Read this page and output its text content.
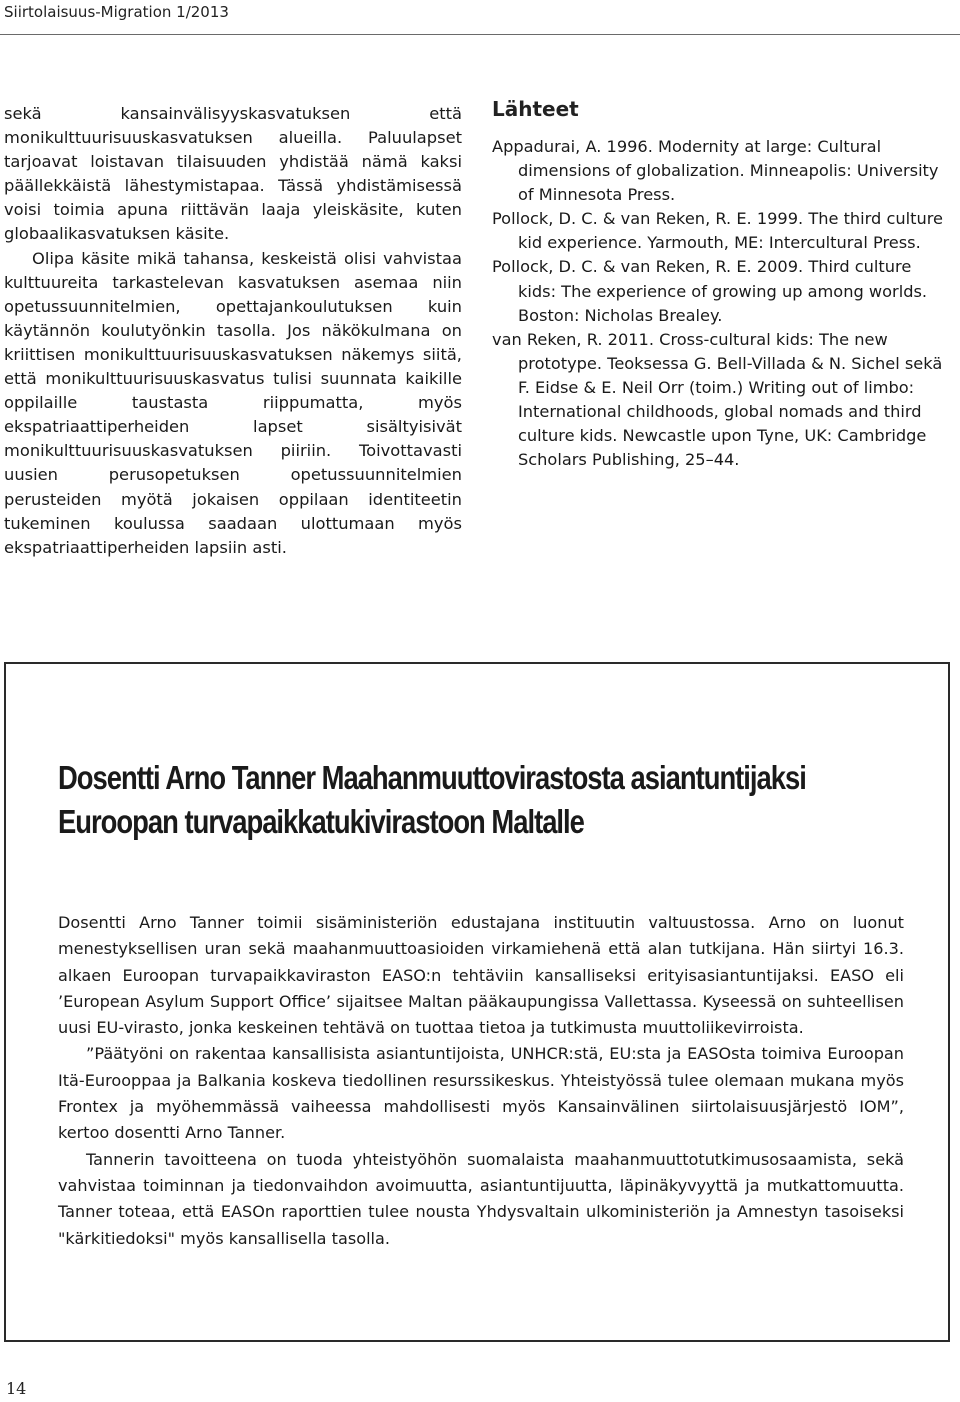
Siirtolaisuus-Migration 1/2013

sekä kansainvälisyyskasvatuksen että monikulttuurisuuskasvatuksen alueilla. Paluulapset tarjoavat loistavan tilaisuuden yhdistää nämä kaksi päällekkäistä lähestymistapaa. Tässä yhdistämisessä voisi toimia apuna riittävän laaja yleiskäsite, kuten globaalikasvatuksen käsite.

Olipa käsite mikä tahansa, keskeistä olisi vahvistaa kulttuureita tarkastelevan kasvatuksen asemaa niin opetussuunnitelmien, opettajankoulutuksen kuin käytännön koulutyönkin tasolla. Jos näkökulmana on kriittisen monikulttuurisuuskasvatuksen näkemys siitä, että monikulttuurisuuskasvatus tulisi suunnata kaikille oppilaille taustasta riippumatta, myös ekspatriaattiperheiden lapset sisältyisivät monikulttuurisuuskasvatuksen piiriin. Toivottavasti uusien perusopetuksen opetussuunnitelmien perusteiden myötä jokaisen oppilaan identiteetin tukeminen koulussa saadaan ulottumaan myös ekspatriaattiperheiden lapsiin asti.

Lähteet

Appadurai, A. 1996. Modernity at large: Cultural dimensions of globalization. Minneapolis: University of Minnesota Press.

Pollock, D. C. & van Reken, R. E. 1999. The third culture kid experience. Yarmouth, ME: Intercultural Press.

Pollock, D. C. & van Reken, R. E. 2009. Third culture kids: The experience of growing up among worlds. Boston: Nicholas Brealey.

van Reken, R. 2011. Cross-cultural kids: The new prototype. Teoksessa G. Bell-Villada & N. Sichel sekä F. Eidse & E. Neil Orr (toim.) Writing out of limbo: International childhoods, global nomads and third culture kids. Newcastle upon Tyne, UK: Cambridge Scholars Publishing, 25–44.

Dosentti Arno Tanner Maahanmuuttovirastosta asiantuntijaksi
Euroopan turvapaikkatukivirastoon Maltalle

Dosentti Arno Tanner toimii sisäministeriön edustajana instituutin valtuustossa. Arno on luonut menestyksellisen uran sekä maahanmuuttoasioiden virkamiehenä että alan tutkijana. Hän siirtyi 16.3. alkaen Euroopan turvapaikkaviraston EASO:n tehtäviin kansalliseksi erityisasiantuntijaksi. EASO eli ’European Asylum Support Office’ sijaitsee Maltan pääkaupungissa Vallettassa. Kyseessä on suhteellisen uusi EU-virasto, jonka keskeinen tehtävä on tuottaa tietoa ja tutkimusta muuttoliikevirroista.

”Päätyöni on rakentaa kansallisista asiantuntijoista, UNHCR:stä, EU:sta ja EASOsta toimiva Euroopan Itä-Eurooppaa ja Balkania koskeva tiedollinen resurssikeskus. Yhteistyössä tulee olemaan mukana myös Frontex ja myöhemmässä vaiheessa mahdollisesti myös Kansainvälinen siirtolaisuusjärjestö IOM”, kertoo dosentti Arno Tanner.

Tannerin tavoitteena on tuoda yhteistyöhön suomalaista maahanmuuttotutkimusosaamista, sekä vahvistaa toiminnan ja tiedonvaihdon avoimuutta, asiantuntijuutta, läpinäkyvyyttä ja mutkattomuutta. Tanner toteaa, että EASOn raporttien tulee nousta Yhdysvaltain ulkoministeriön ja Amnestyn tasoiseksi "kärkitiedoksi" myös kansallisella tasolla.

14
